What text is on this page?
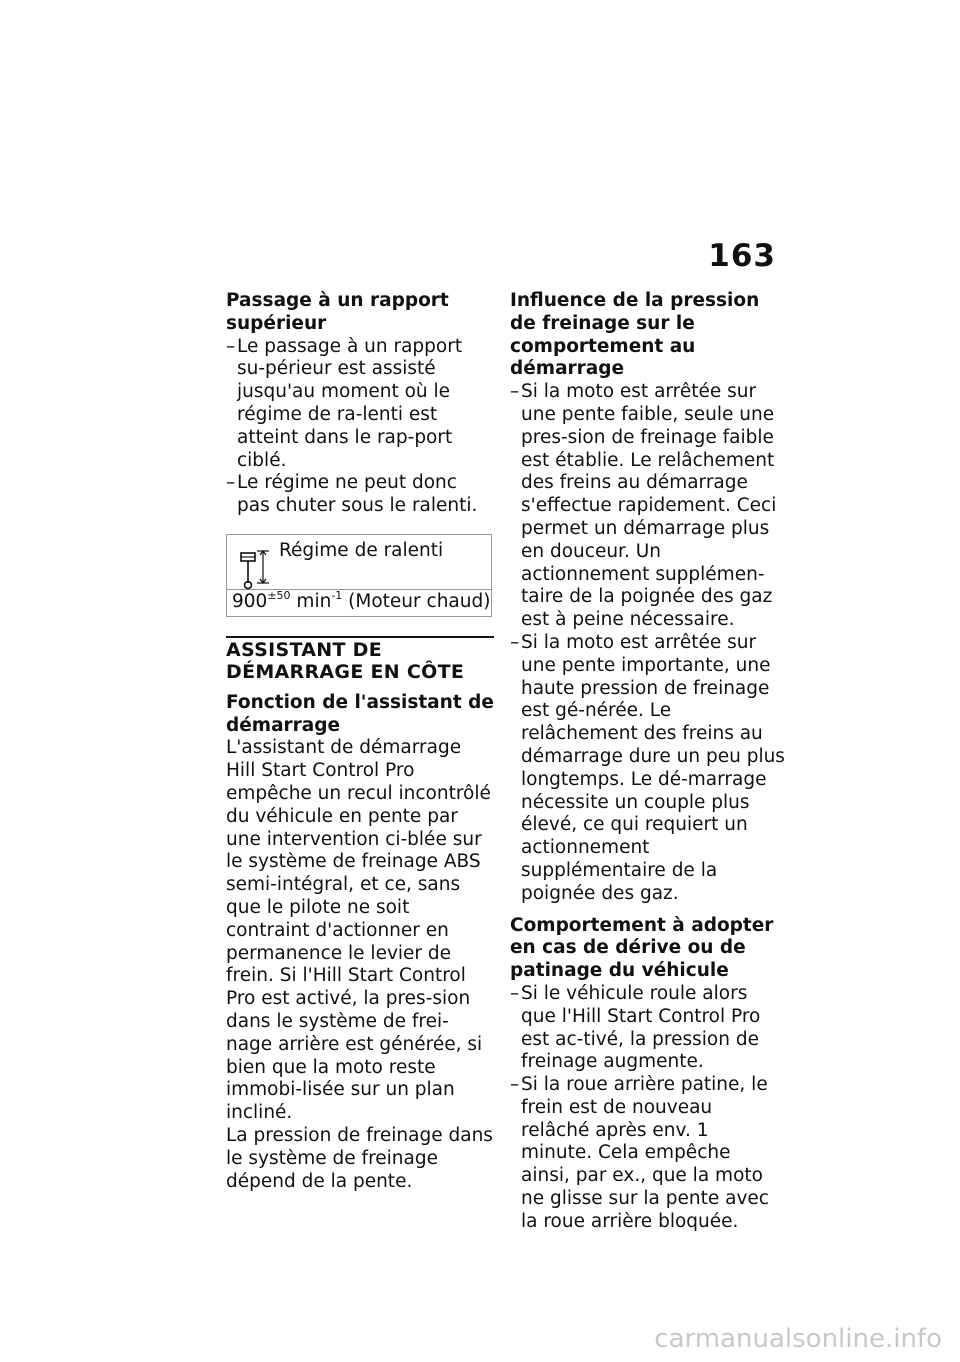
163

Passage à un rapport supérieur

– Le passage à un rapport su-périeur est assisté jusqu'au moment où le régime de ra-lenti est atteint dans le rap-port ciblé.
– Le régime ne peut donc pas chuter sous le ralenti.
Régime de ralenti
$900^{\pm 50}$ $\min^{-1}$ (Moteur chaud)
ASSISTANT DE DÉMARRAGE EN CÔTE

Fonction de l'assistant de démarrage

L'assistant de démarrage Hill Start Control Pro empêche un recul incontrôlé du véhicule en pente par une intervention ci-blée sur le système de freinage ABS semi-intégral, et ce, sans que le pilote ne soit contraint d'actionner en permanence le levier de frein. Si l'Hill Start Control Pro est activé, la pres-sion dans le système de frei-nage arrière est générée, si bien que la moto reste immobi-lisée sur un plan incliné.

La pression de freinage dans le système de freinage dépend de la pente.

Influence de la pression de freinage sur le comportement au démarrage

– Si la moto est arrêtée sur une pente faible, seule une pres-sion de freinage faible est établie. Le relâchement des freins au démarrage s'effectue rapidement. Ceci permet un démarrage plus en douceur. Un actionnement supplémen-taire de la poignée des gaz est à peine nécessaire.
– Si la moto est arrêtée sur une pente importante, une haute pression de freinage est gé-nérée. Le relâchement des freins au démarrage dure un peu plus longtemps. Le dé-marrage nécessite un couple plus élevé, ce qui requiert un actionnement supplémentaire de la poignée des gaz.

Comportement à adopter en cas de dérive ou de patinage du véhicule

– Si le véhicule roule alors que l'Hill Start Control Pro est ac-tivé, la pression de freinage augmente.
– Si la roue arrière patine, le frein est de nouveau relâché après env. 1 minute. Cela empêche ainsi, par ex., que la moto ne glisse sur la pente avec la roue arrière bloquée.
carmanualsonline.info
